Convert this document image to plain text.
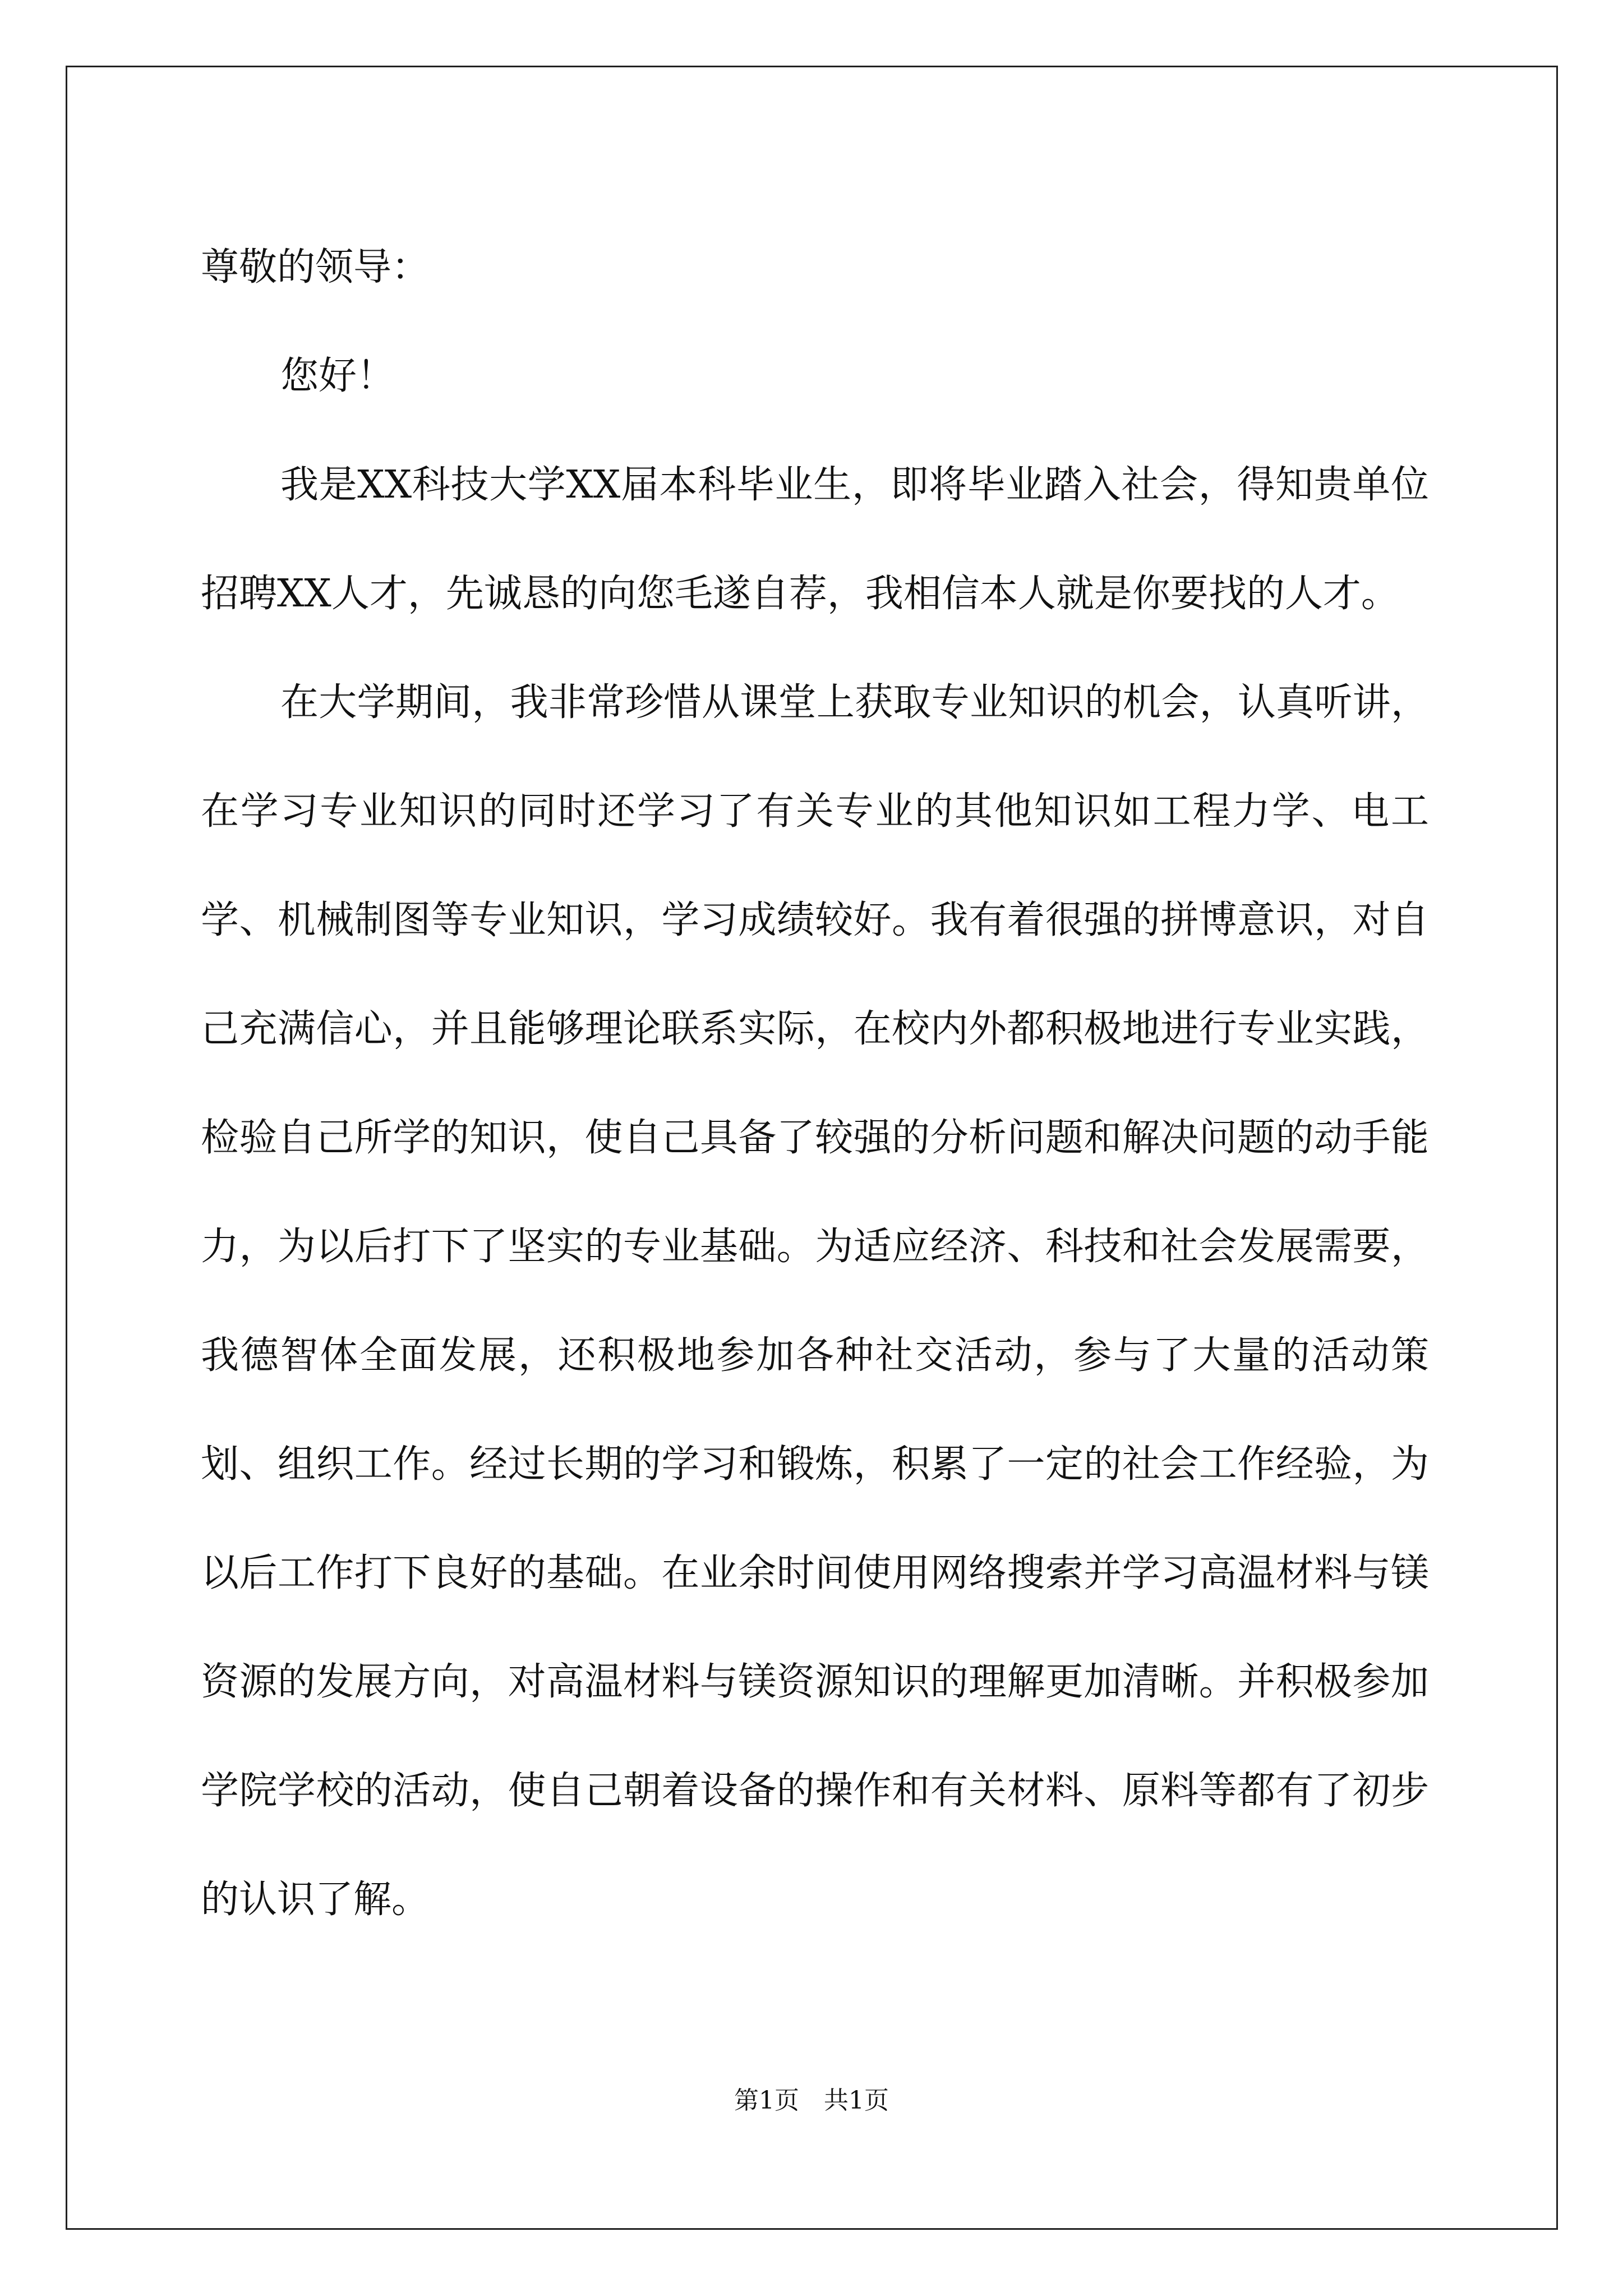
尊敬的领导：

您好！

我是XX科技大学XX届本科毕业生，即将毕业踏入社会，得知贵单位招聘XX人才，先诚恳的向您毛遂自荐，我相信本人就是你要找的人才。

在大学期间，我非常珍惜从课堂上获取专业知识的机会，认真听讲，在学习专业知识的同时还学习了有关专业的其他知识如工程力学、电工学、机械制图等专业知识，学习成绩较好。我有着很强的拼博意识，对自己充满信心，并且能够理论联系实际，在校内外都积极地进行专业实践，检验自己所学的知识，使自己具备了较强的分析问题和解决问题的动手能力，为以后打下了坚实的专业基础。为适应经济、科技和社会发展需要，我德智体全面发展，还积极地参加各种社交活动，参与了大量的活动策划、组织工作。经过长期的学习和锻炼，积累了一定的社会工作经验，为以后工作打下良好的基础。在业余时间使用网络搜索并学习高温材料与镁资源的发展方向，对高温材料与镁资源知识的理解更加清晰。并积极参加学院学校的活动，使自己朝着设备的操作和有关材料、原料等都有了初步的认识了解。

第1页 共1页
